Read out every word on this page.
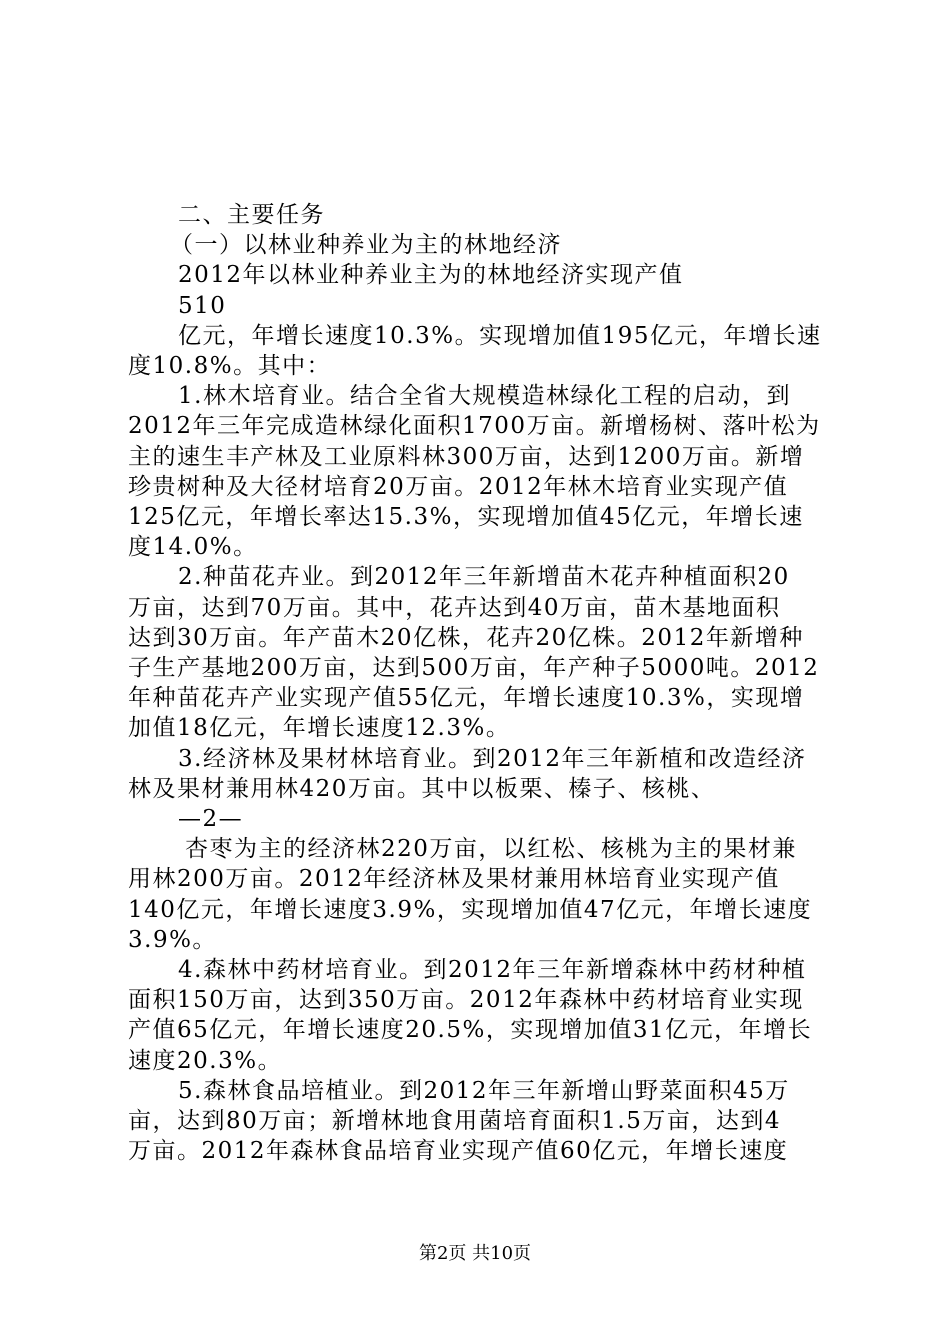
二、主要任务
（一）以林业种养业为主的林地经济
2012年以林业种养业主为的林地经济实现产值
510
亿元，年增长速度10.3%。实现增加值195亿元，年增长速
度10.8%。其中：
1.林木培育业。结合全省大规模造林绿化工程的启动，到
2012年三年完成造林绿化面积1700万亩。新增杨树、落叶松为
主的速生丰产林及工业原料林300万亩，达到1200万亩。新增
珍贵树种及大径材培育20万亩。2012年林木培育业实现产值
125亿元，年增长率达15.3%，实现增加值45亿元，年增长速
度14.0%。
2.种苗花卉业。到2012年三年新增苗木花卉种植面积20
万亩，达到70万亩。其中，花卉达到40万亩，苗木基地面积
达到30万亩。年产苗木20亿株，花卉20亿株。2012年新增种
子生产基地200万亩，达到500万亩，年产种子5000吨。2012
年种苗花卉产业实现产值55亿元，年增长速度10.3%，实现增
加值18亿元，年增长速度12.3%。
3.经济林及果材林培育业。到2012年三年新植和改造经济
林及果材兼用林420万亩。其中以板栗、榛子、核桃、
—2—
杏枣为主的经济林220万亩，以红松、核桃为主的果材兼
用林200万亩。2012年经济林及果材兼用林培育业实现产值
140亿元，年增长速度3.9%，实现增加值47亿元，年增长速度
3.9%。
4.森林中药材培育业。到2012年三年新增森林中药材种植
面积150万亩，达到350万亩。2012年森林中药材培育业实现
产值65亿元，年增长速度20.5%，实现增加值31亿元，年增长
速度20.3%。
5.森林食品培植业。到2012年三年新增山野菜面积45万
亩，达到80万亩；新增林地食用菌培育面积1.5万亩，达到4
万亩。2012年森林食品培育业实现产值60亿元，年增长速度
第2页 共10页
